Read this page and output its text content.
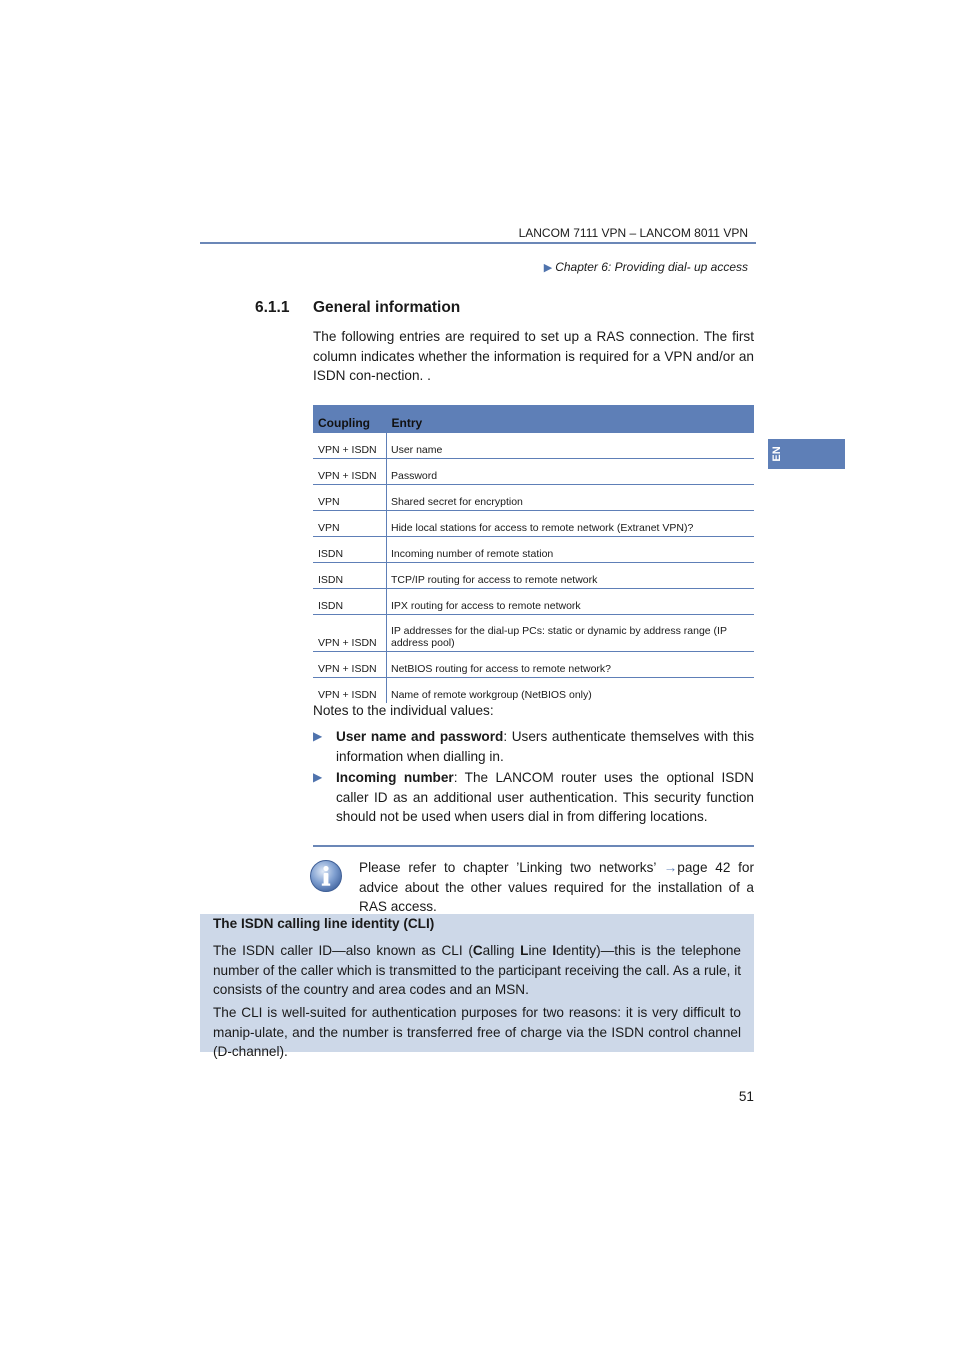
LANCOM 7111 VPN – LANCOM 8011 VPN
▶ Chapter 6: Providing dial- up access
EN
6.1.1 General information
The following entries are required to set up a RAS connection. The first column indicates whether the information is required for a VPN and/or an ISDN con-nection. .
Coupling	Entry
VPN + ISDN	User name
VPN + ISDN	Password
VPN	Shared secret for encryption
VPN	Hide local stations for access to remote network (Extranet VPN)?
ISDN	Incoming number of remote station
ISDN	TCP/IP routing for access to remote network
ISDN	IPX routing for access to remote network
VPN + ISDN	IP addresses for the dial-up PCs: static or dynamic by address range (IP address pool)
VPN + ISDN	NetBIOS routing for access to remote network?
VPN + ISDN	Name of remote workgroup (NetBIOS only)
Notes to the individual values:
▶ User name and password: Users authenticate themselves with this information when dialling in.
▶ Incoming number: The LANCOM router uses the optional ISDN caller ID as an additional user authentication. This security function should not be used when users dial in from differing locations.
Please refer to chapter ’Linking two networks’ →page 42 for advice about the other values required for the installation of a RAS access.
The ISDN calling line identity (CLI)
The ISDN caller ID—also known as CLI (Calling Line Identity)—this is the telephone number of the caller which is transmitted to the participant receiving the call. As a rule, it consists of the country and area codes and an MSN.
The CLI is well-suited for authentication purposes for two reasons: it is very difficult to manip-ulate, and the number is transferred free of charge via the ISDN control channel (D-channel).
51
